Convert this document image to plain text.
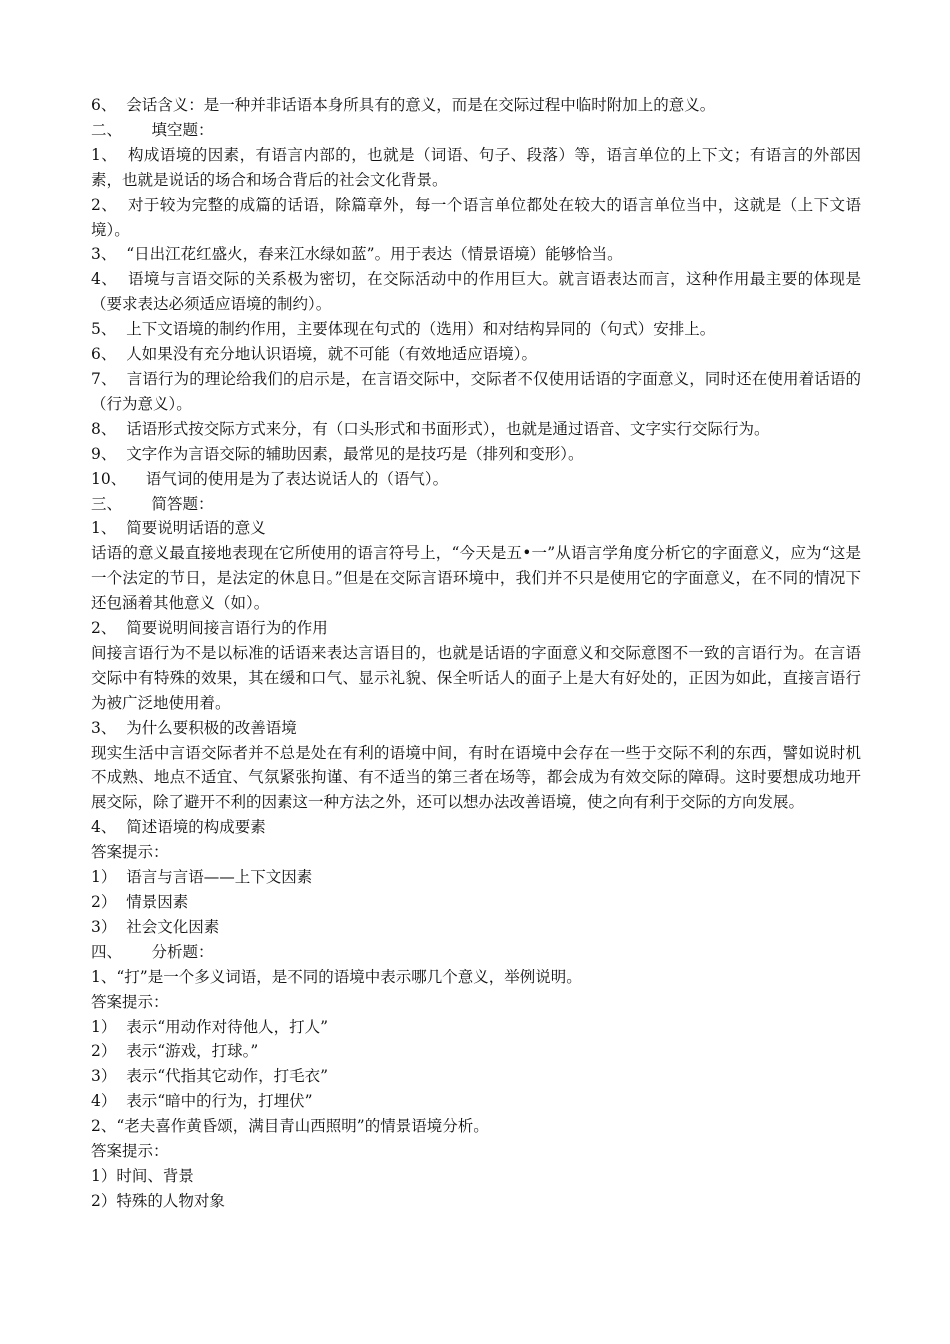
6、  会话含义：是一种并非话语本身所具有的意义，而是在交际过程中临时附加上的意义。

二、      填空题：

1、  构成语境的因素，有语言内部的，也就是（词语、句子、段落）等，语言单位的上下文；有语言的外部因素，也就是说话的场合和场合背后的社会文化背景。

2、  对于较为完整的成篇的话语，除篇章外，每一个语言单位都处在较大的语言单位当中，这就是（上下文语境）。

3、  “日出江花红盛火，春来江水绿如蓝”。用于表达（情景语境）能够恰当。

4、  语境与言语交际的关系极为密切，在交际活动中的作用巨大。就言语表达而言，这种作用最主要的体现是（要求表达必须适应语境的制约）。

5、  上下文语境的制约作用，主要体现在句式的（选用）和对结构异同的（句式）安排上。

6、  人如果没有充分地认识语境，就不可能（有效地适应语境）。

7、  言语行为的理论给我们的启示是，在言语交际中，交际者不仅使用话语的字面意义，同时还在使用着话语的（行为意义）。

8、  话语形式按交际方式来分，有（口头形式和书面形式），也就是通过语音、文字实行交际行为。

9、  文字作为言语交际的辅助因素，最常见的是技巧是（排列和变形）。

10、    语气词的使用是为了表达说话人的（语气）。

三、      简答题：

1、  简要说明话语的意义

话语的意义最直接地表现在它所使用的语言符号上，“今天是五•一”从语言学角度分析它的字面意义，应为“这是一个法定的节日，是法定的休息日。”但是在交际言语环境中，我们并不只是使用它的字面意义，在不同的情况下还包涵着其他意义（如）。

2、  简要说明间接言语行为的作用

间接言语行为不是以标准的话语来表达言语目的，也就是话语的字面意义和交际意图不一致的言语行为。在言语交际中有特殊的效果，其在缓和口气、显示礼貌、保全听话人的面子上是大有好处的，正因为如此，直接言语行为被广泛地使用着。

3、  为什么要积极的改善语境

现实生活中言语交际者并不总是处在有利的语境中间，有时在语境中会存在一些于交际不利的东西，譬如说时机不成熟、地点不适宜、气氛紧张拘谨、有不适当的第三者在场等，都会成为有效交际的障碍。这时要想成功地开展交际，除了避开不利的因素这一种方法之外，还可以想办法改善语境，使之向有利于交际的方向发展。

4、  简述语境的构成要素

答案提示：

1）  语言与言语——上下文因素

2）  情景因素

3）  社会文化因素

四、      分析题：

1、“打”是一个多义词语，是不同的语境中表示哪几个意义，举例说明。

答案提示：

1）  表示“用动作对待他人，打人”

2）  表示“游戏，打球。”

3）  表示“代指其它动作，打毛衣”

4）  表示“暗中的行为，打埋伏”

2、“老夫喜作黄昏颂，满目青山西照明”的情景语境分析。

答案提示：

1）时间、背景

2）特殊的人物对象
